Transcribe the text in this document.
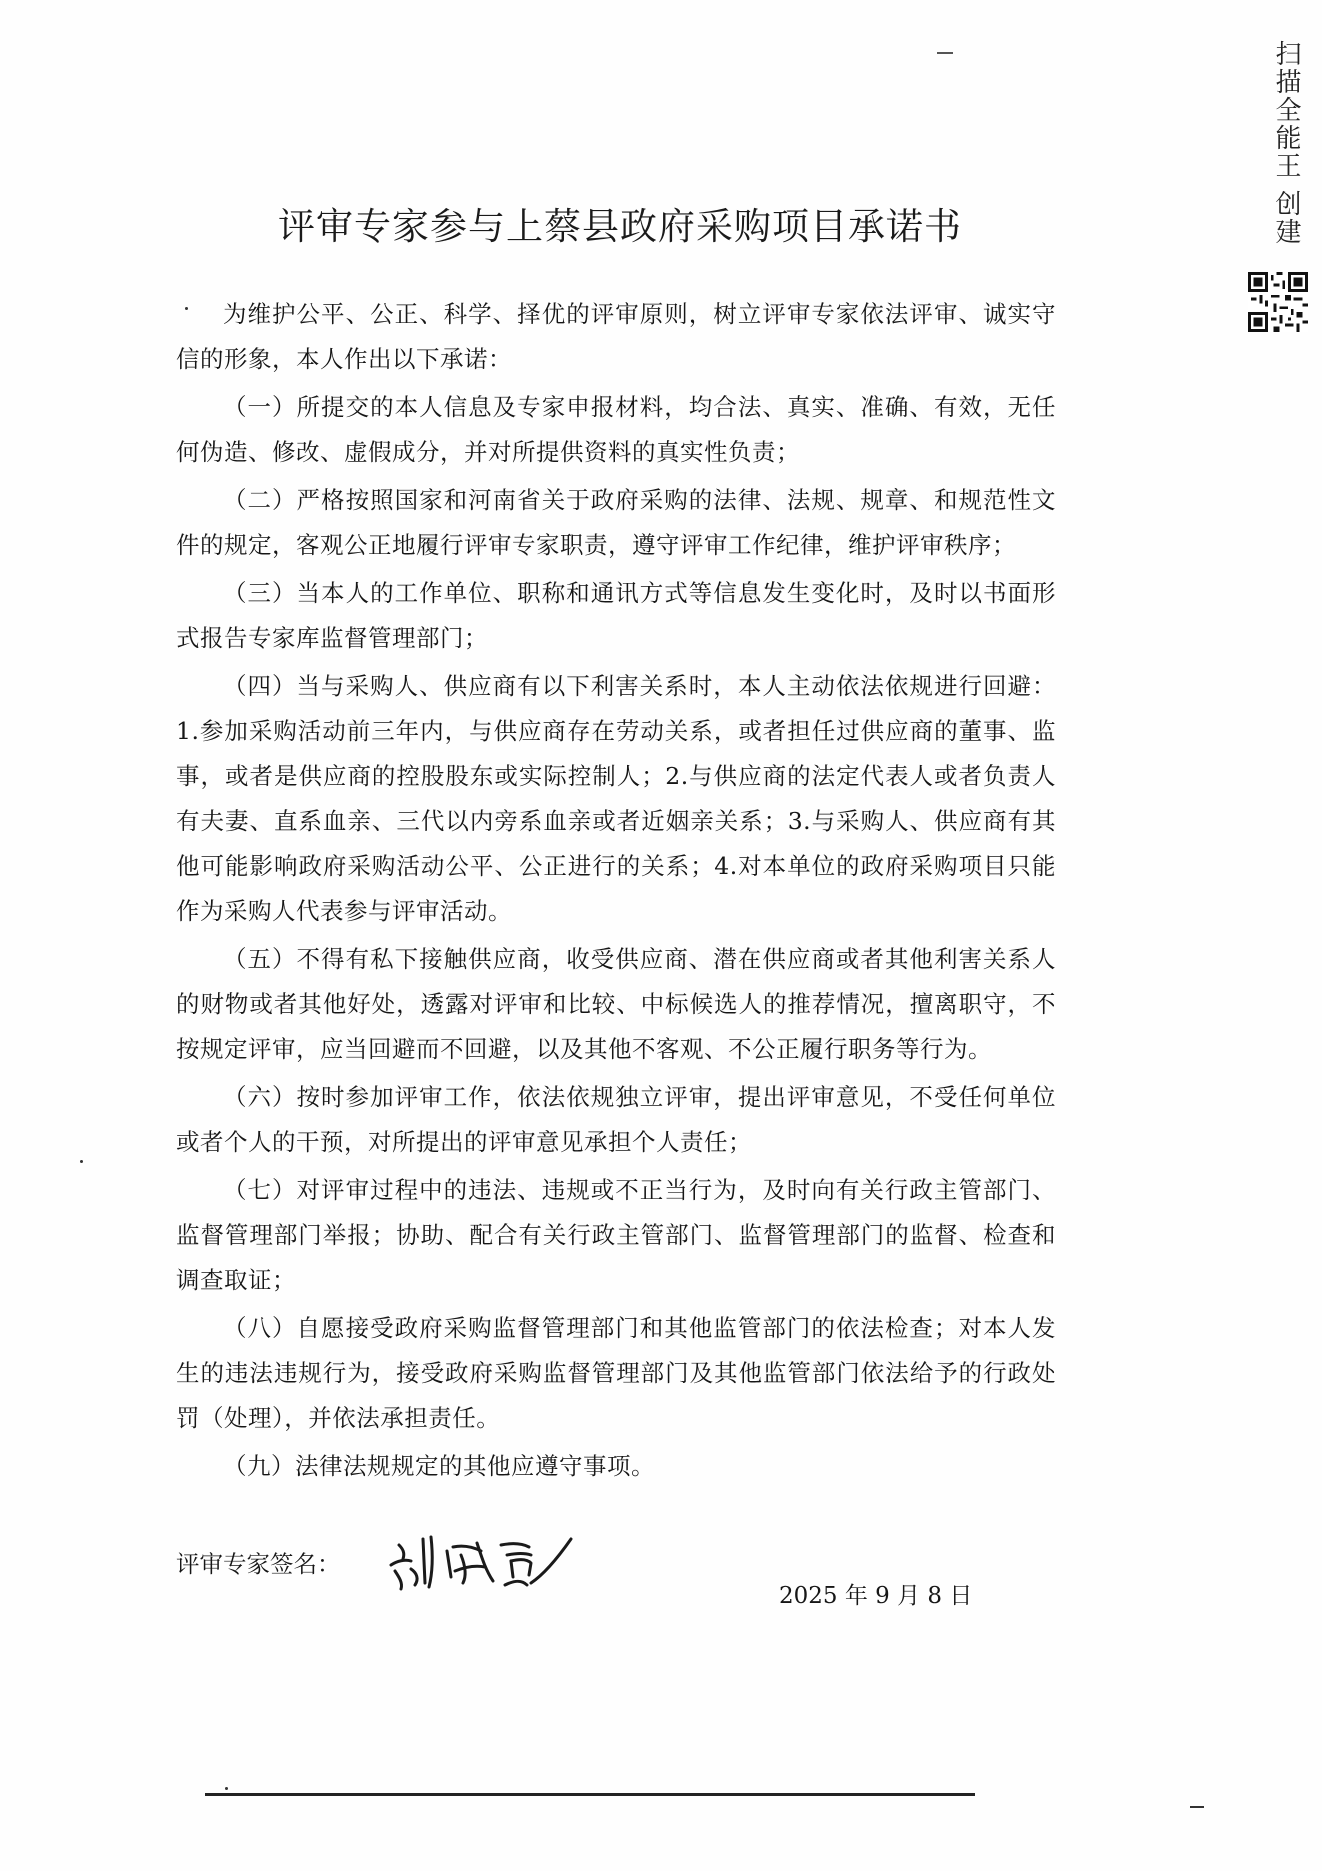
扫描全能王 创建
评审专家参与上蔡县政府采购项目承诺书

为维护公平、公正、科学、择优的评审原则，树立评审专家依法评审、诚实守信的形象，本人作出以下承诺：

（一）所提交的本人信息及专家申报材料，均合法、真实、准确、有效，无任何伪造、修改、虚假成分，并对所提供资料的真实性负责；

（二）严格按照国家和河南省关于政府采购的法律、法规、规章、和规范性文件的规定，客观公正地履行评审专家职责，遵守评审工作纪律，维护评审秩序；

（三）当本人的工作单位、职称和通讯方式等信息发生变化时，及时以书面形式报告专家库监督管理部门；

（四）当与采购人、供应商有以下利害关系时，本人主动依法依规进行回避：1.参加采购活动前三年内，与供应商存在劳动关系，或者担任过供应商的董事、监事，或者是供应商的控股股东或实际控制人；2.与供应商的法定代表人或者负责人有夫妻、直系血亲、三代以内旁系血亲或者近姻亲关系；3.与采购人、供应商有其他可能影响政府采购活动公平、公正进行的关系；4.对本单位的政府采购项目只能作为采购人代表参与评审活动。

（五）不得有私下接触供应商，收受供应商、潜在供应商或者其他利害关系人的财物或者其他好处，透露对评审和比较、中标候选人的推荐情况，擅离职守，不按规定评审，应当回避而不回避，以及其他不客观、不公正履行职务等行为。

（六）按时参加评审工作，依法依规独立评审，提出评审意见，不受任何单位或者个人的干预，对所提出的评审意见承担个人责任；

（七）对评审过程中的违法、违规或不正当行为，及时向有关行政主管部门、监督管理部门举报；协助、配合有关行政主管部门、监督管理部门的监督、检查和调查取证；

（八）自愿接受政府采购监督管理部门和其他监管部门的依法检查；对本人发生的违法违规行为，接受政府采购监督管理部门及其他监管部门依法给予的行政处罚（处理），并依法承担责任。

（九）法律法规规定的其他应遵守事项。

评审专家签名：
2025 年 9 月 8 日
